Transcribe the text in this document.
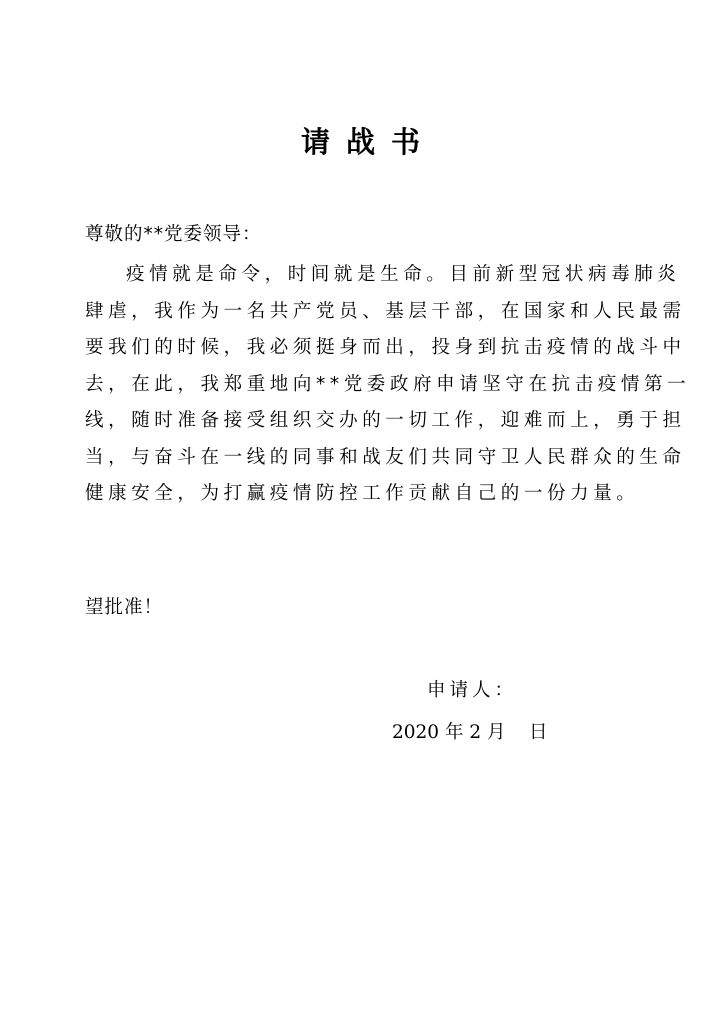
请战书
尊敬的**党委领导：
疫情就是命令，时间就是生命。目前新型冠状病毒肺炎
肆虐，我作为一名共产党员、基层干部，在国家和人民最需
要我们的时候，我必须挺身而出，投身到抗击疫情的战斗中
去，在此，我郑重地向**党委政府申请坚守在抗击疫情第一
线，随时准备接受组织交办的一切工作，迎难而上，勇于担
当，与奋斗在一线的同事和战友们共同守卫人民群众的生命
健康安全，为打赢疫情防控工作贡献自己的一份力量。
望批准！
申请人：
2020 年 2 月    日
